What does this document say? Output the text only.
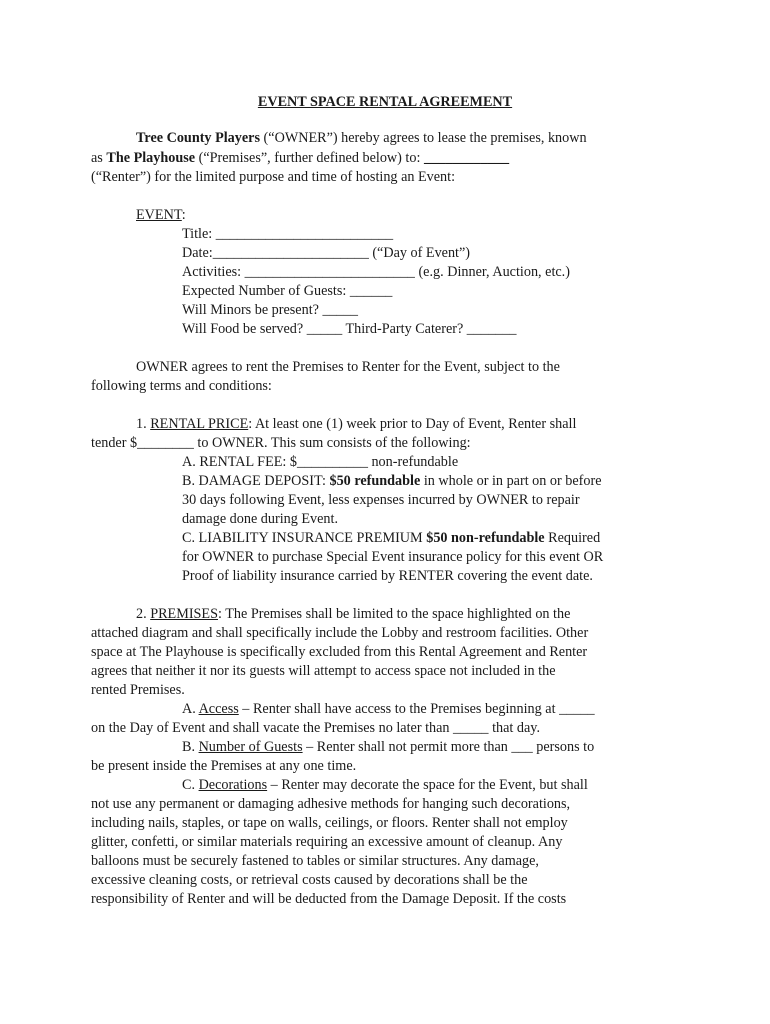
EVENT SPACE RENTAL AGREEMENT
Tree County Players (“OWNER”) hereby agrees to lease the premises, known
as The Playhouse (“Premises”, further defined below) to: ____________
(“Renter”) for the limited purpose and time of hosting an Event:
EVENT:
Title: _________________________
Date:______________________ (“Day of Event”)
Activities: ________________________ (e.g. Dinner, Auction, etc.)
Expected Number of Guests: ______
Will Minors be present? _____
Will Food be served? _____ Third-Party Caterer? _______
OWNER agrees to rent the Premises to Renter for the Event, subject to the
following terms and conditions:
1. RENTAL PRICE: At least one (1) week prior to Day of Event, Renter shall
tender $________ to OWNER. This sum consists of the following:
A. RENTAL FEE: $__________ non-refundable
B. DAMAGE DEPOSIT: $50 refundable in whole or in part on or before
30 days following Event, less expenses incurred by OWNER to repair
damage done during Event.
C. LIABILITY INSURANCE PREMIUM $50 non-refundable Required
for OWNER to purchase Special Event insurance policy for this event OR
Proof of liability insurance carried by RENTER covering the event date.
2. PREMISES: The Premises shall be limited to the space highlighted on the
attached diagram and shall specifically include the Lobby and restroom facilities. Other
space at The Playhouse is specifically excluded from this Rental Agreement and Renter
agrees that neither it nor its guests will attempt to access space not included in the
rented Premises.
A. Access – Renter shall have access to the Premises beginning at _____
on the Day of Event and shall vacate the Premises no later than _____ that day.
B. Number of Guests – Renter shall not permit more than ___ persons to
be present inside the Premises at any one time.
C. Decorations – Renter may decorate the space for the Event, but shall
not use any permanent or damaging adhesive methods for hanging such decorations,
including nails, staples, or tape on walls, ceilings, or floors. Renter shall not employ
glitter, confetti, or similar materials requiring an excessive amount of cleanup. Any
balloons must be securely fastened to tables or similar structures. Any damage,
excessive cleaning costs, or retrieval costs caused by decorations shall be the
responsibility of Renter and will be deducted from the Damage Deposit. If the costs
